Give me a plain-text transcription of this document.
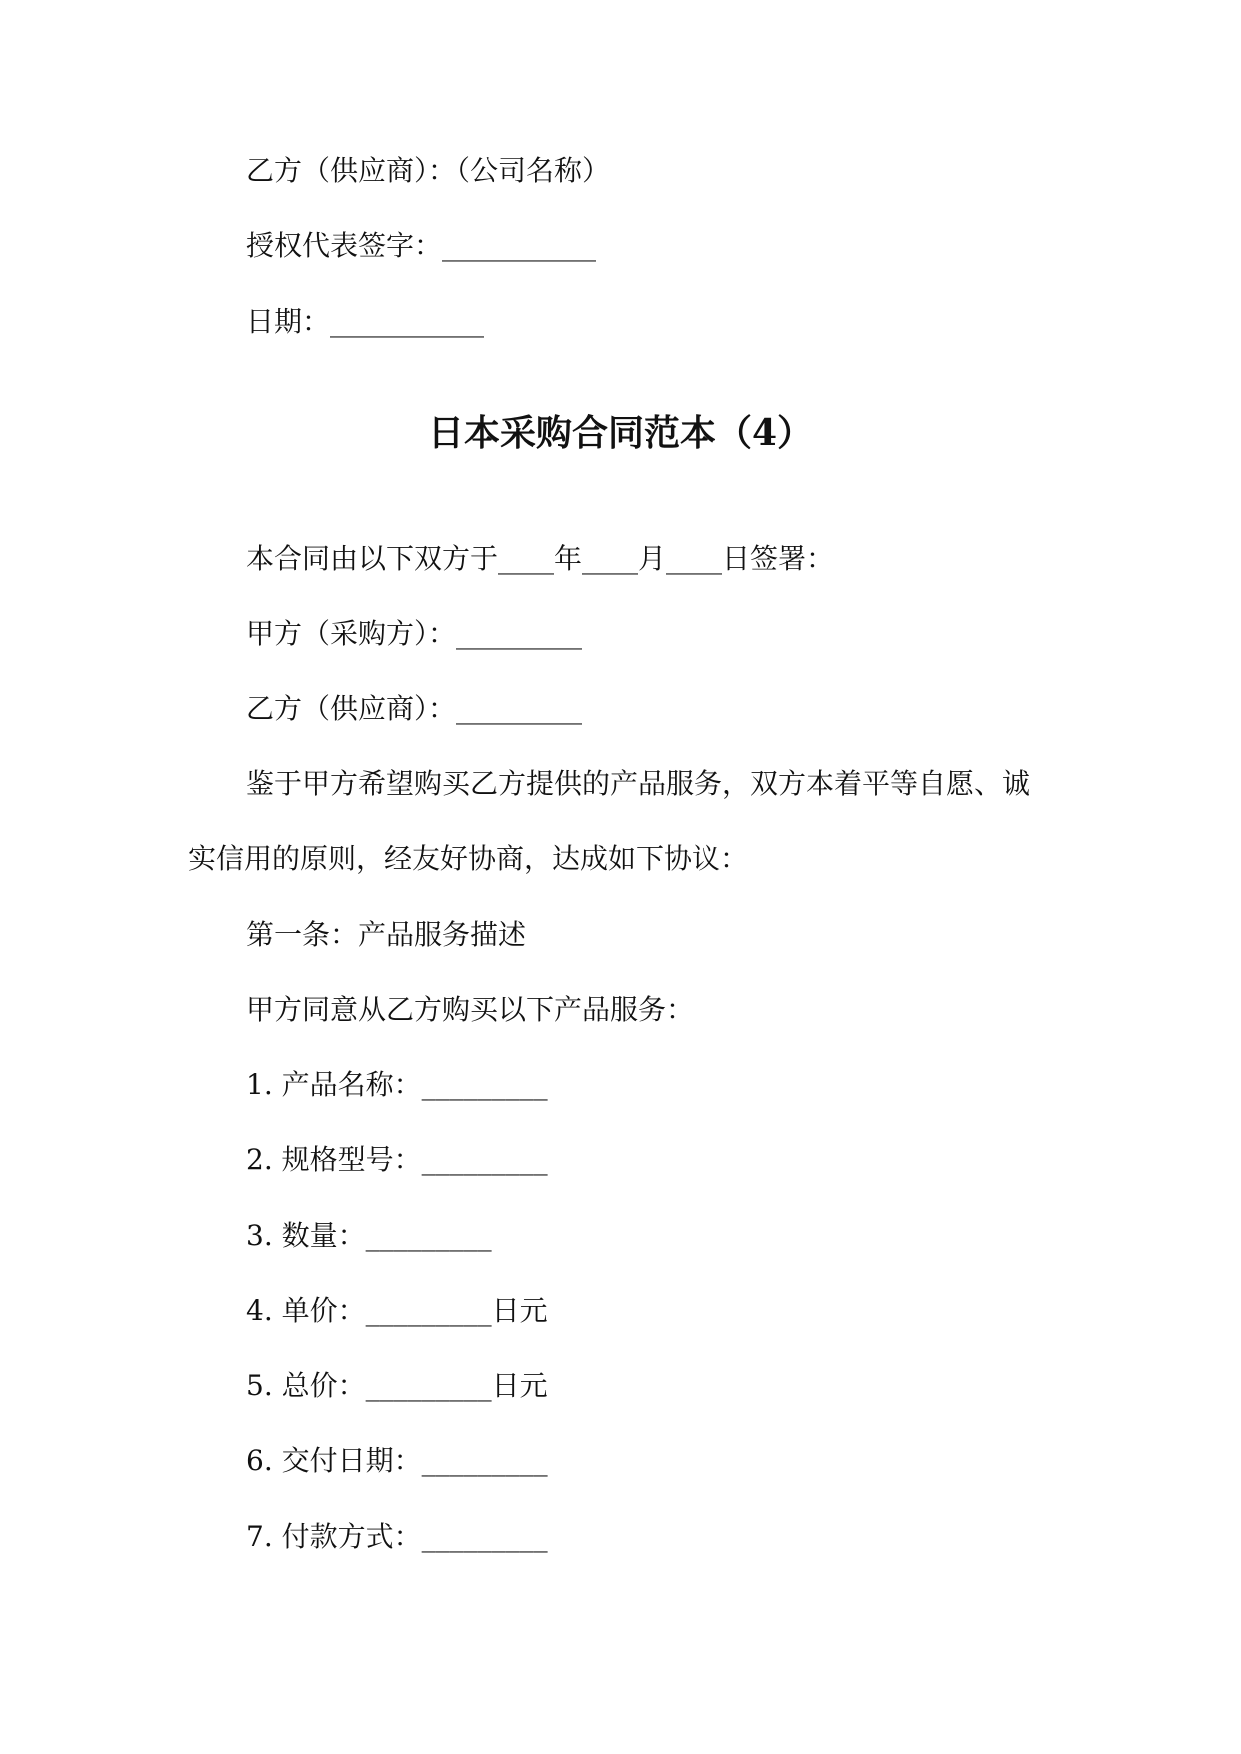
乙方（供应商）：（公司名称）
授权代表签字：___________
日期：___________
日本采购合同范本（4）
本合同由以下双方于____年____月____日签署：
甲方（采购方）：_________
乙方（供应商）：_________
鉴于甲方希望购买乙方提供的产品服务，双方本着平等自愿、诚
实信用的原则，经友好协商，达成如下协议：
第一条：产品服务描述
甲方同意从乙方购买以下产品服务：
1. 产品名称：_________
2. 规格型号：_________
3. 数量：_________
4. 单价：_________日元
5. 总价：_________日元
6. 交付日期：_________
7. 付款方式：_________
